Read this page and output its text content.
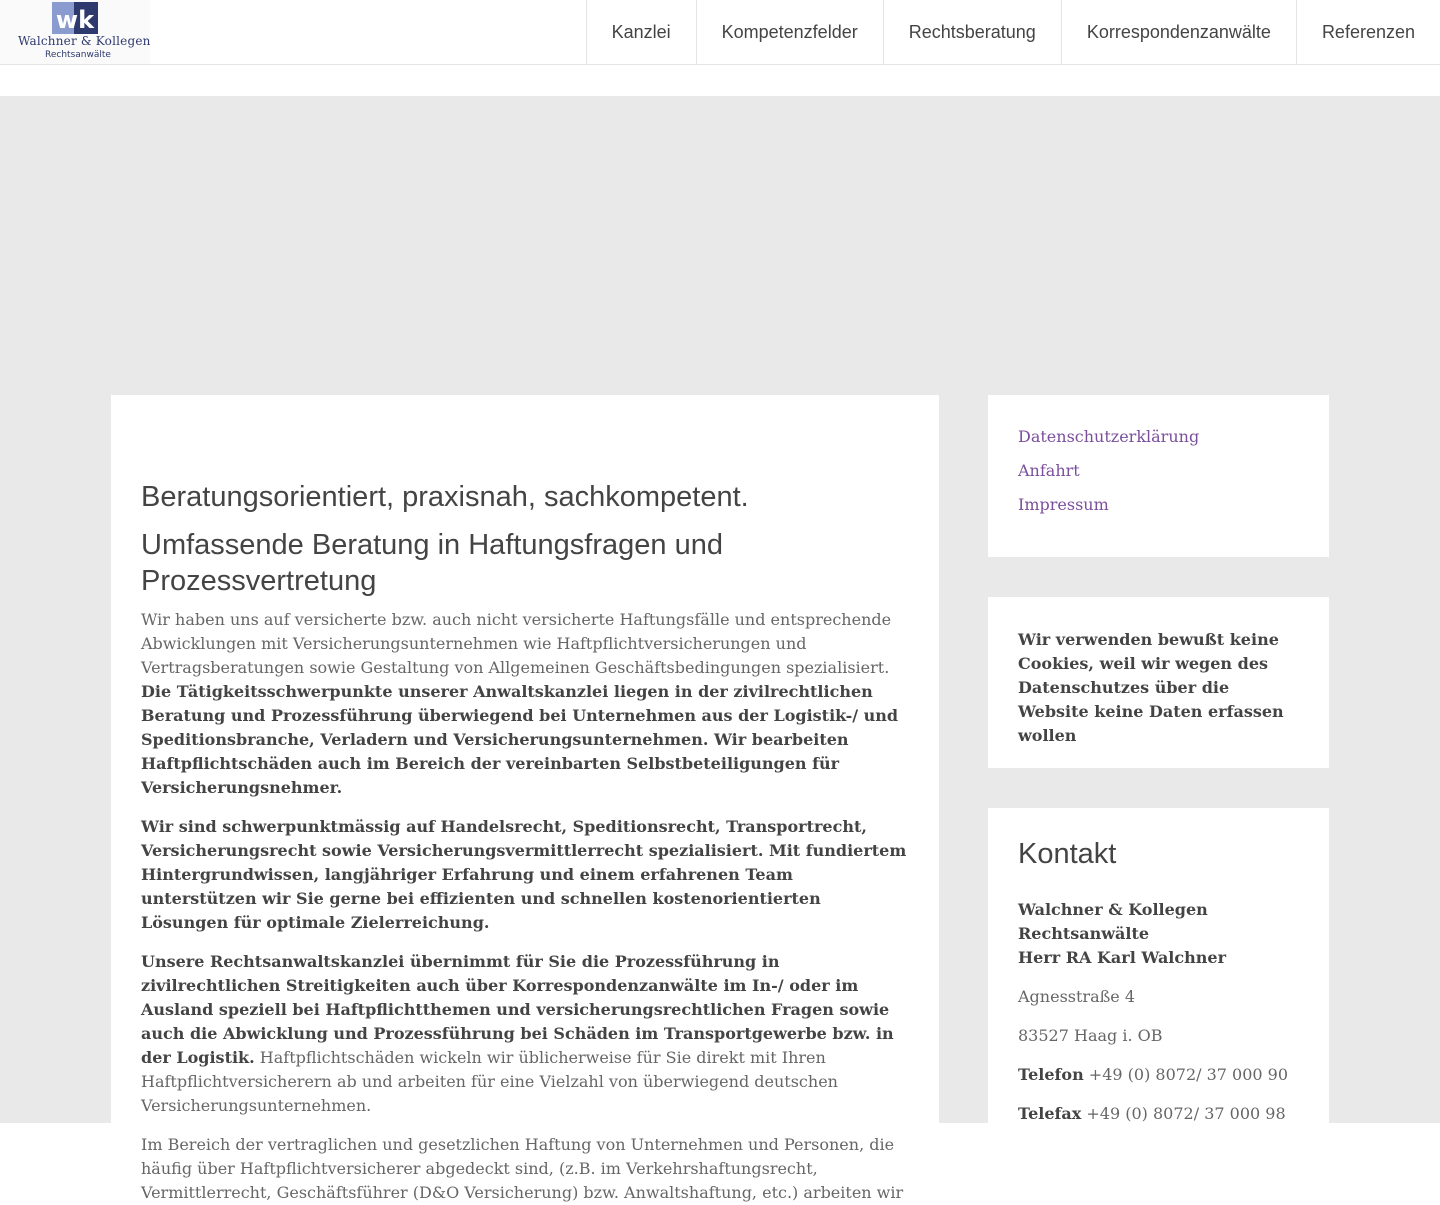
wk
Walchner & Kollegen
Rechtsanwälte
Kanzlei	Kompetenzfelder	Rechtsberatung	Korrespondenzanwälte	Referenzen
Beratungsorientiert, praxisnah, sachkompetent.
Umfassende Beratung in Haftungsfragen und Prozessvertretung

Wir haben uns auf versicherte bzw. auch nicht versicherte Haftungsfälle und entsprechende Abwicklungen mit Versicherungsunternehmen wie Haftpflichtversicherungen und Vertragsberatungen sowie Gestaltung von Allgemeinen Geschäftsbedingungen spezialisiert. Die Tätigkeitsschwerpunkte unserer Anwaltskanzlei liegen in der zivilrechtlichen Beratung und Prozessführung überwiegend bei Unternehmen aus der Logistik-/ und Speditionsbranche, Verladern und Versicherungsunternehmen. Wir bearbeiten Haftpflichtschäden auch im Bereich der vereinbarten Selbstbeteiligungen für Versicherungsnehmer.

Wir sind schwerpunktmässig auf Handelsrecht, Speditionsrecht, Transportrecht, Versicherungsrecht sowie Versicherungsvermittlerrecht spezialisiert. Mit fundiertem Hintergrundwissen, langjähriger Erfahrung und einem erfahrenen Team unterstützen wir Sie gerne bei effizienten und schnellen kostenorientierten Lösungen für optimale Zielerreichung.

Unsere Rechtsanwaltskanzlei übernimmt für Sie die Prozessführung in zivilrechtlichen Streitigkeiten auch über Korrespondenzanwälte im In-/ oder im Ausland speziell bei Haftpflichtthemen und versicherungsrechtlichen Fragen sowie auch die Abwicklung und Prozessführung bei Schäden im Transportgewerbe bzw. in der Logistik. Haftpflichtschäden wickeln wir üblicherweise für Sie direkt mit Ihren Haftpflichtversicherern ab und arbeiten für eine Vielzahl von überwiegend deutschen Versicherungsunternehmen.

Im Bereich der vertraglichen und gesetzlichen Haftung von Unternehmen und Personen, die häufig über Haftpflichtversicherer abgedeckt sind, (z.B. im Verkehrshaftungsrecht, Vermittlerrecht, Geschäftsführer (D&O Versicherung) bzw. Anwaltshaftung, etc.) arbeiten wir

Datenschutzerklärung
Anfahrt
Impressum

Wir verwenden bewußt keine Cookies, weil wir wegen des Datenschutzes über die Website keine Daten erfassen wollen

Kontakt

Walchner & Kollegen
Rechtsanwälte
Herr RA Karl Walchner

Agnesstraße 4

83527 Haag i. OB

Telefon +49 (0) 8072/ 37 000 90

Telefax +49 (0) 8072/ 37 000 98
